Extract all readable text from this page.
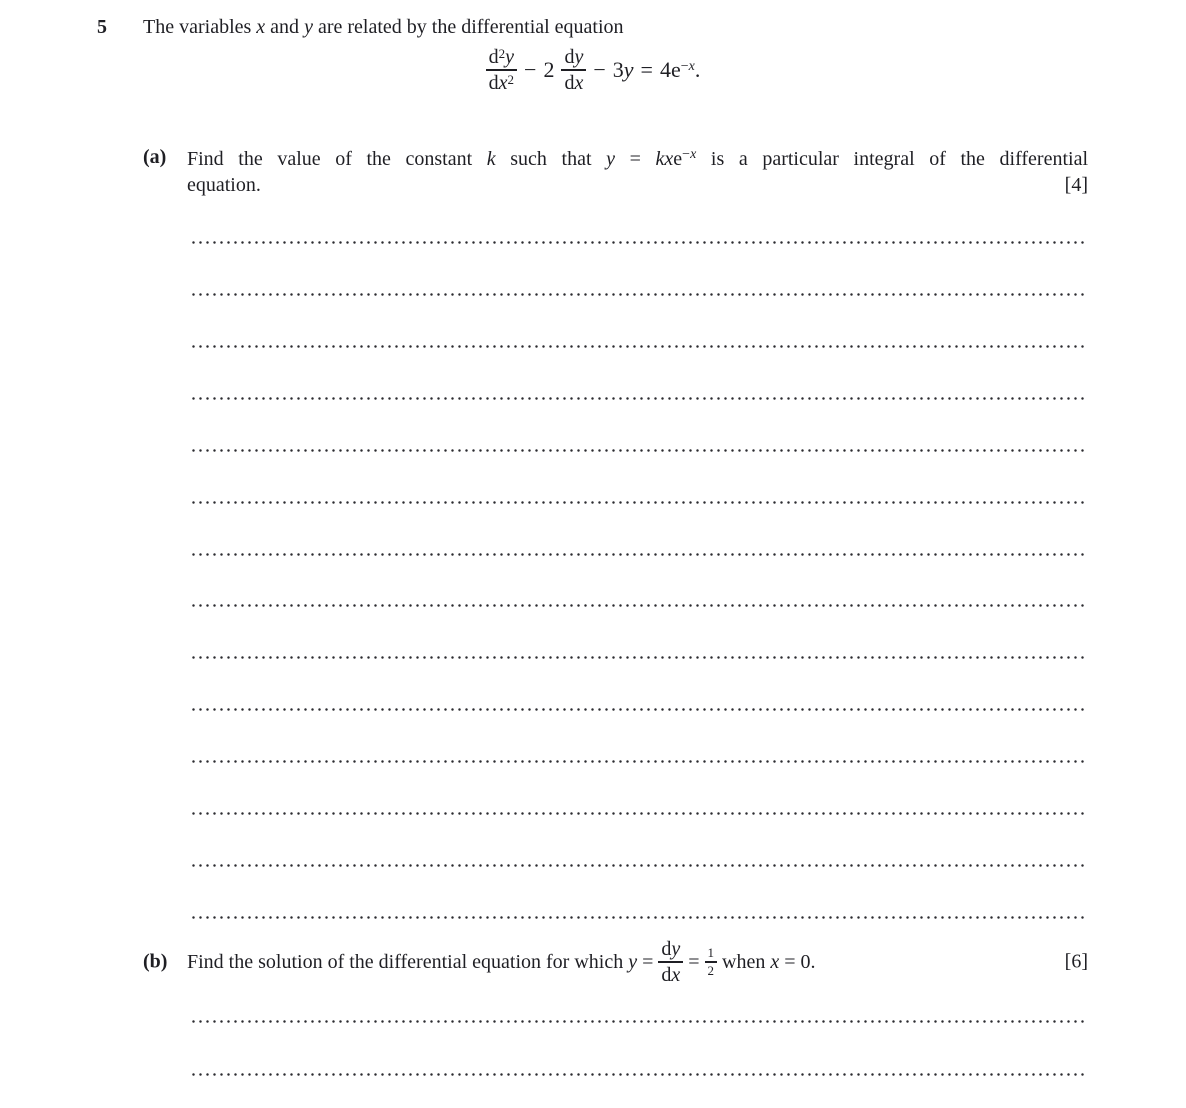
5 The variables x and y are related by the differential equation
$\frac{d^2y}{dx^2} - 2 \frac{dy}{dx} - 3y = 4e^{-x}$.
(a) Find the value of the constant k such that y = kxe$^{-x}$ is a particular integral of the differential
equation.	[4]
(b) Find the solution of the differential equation for which $y = \frac{dy}{dx} = \frac{1}{2}$ when x = 0.	[6]
